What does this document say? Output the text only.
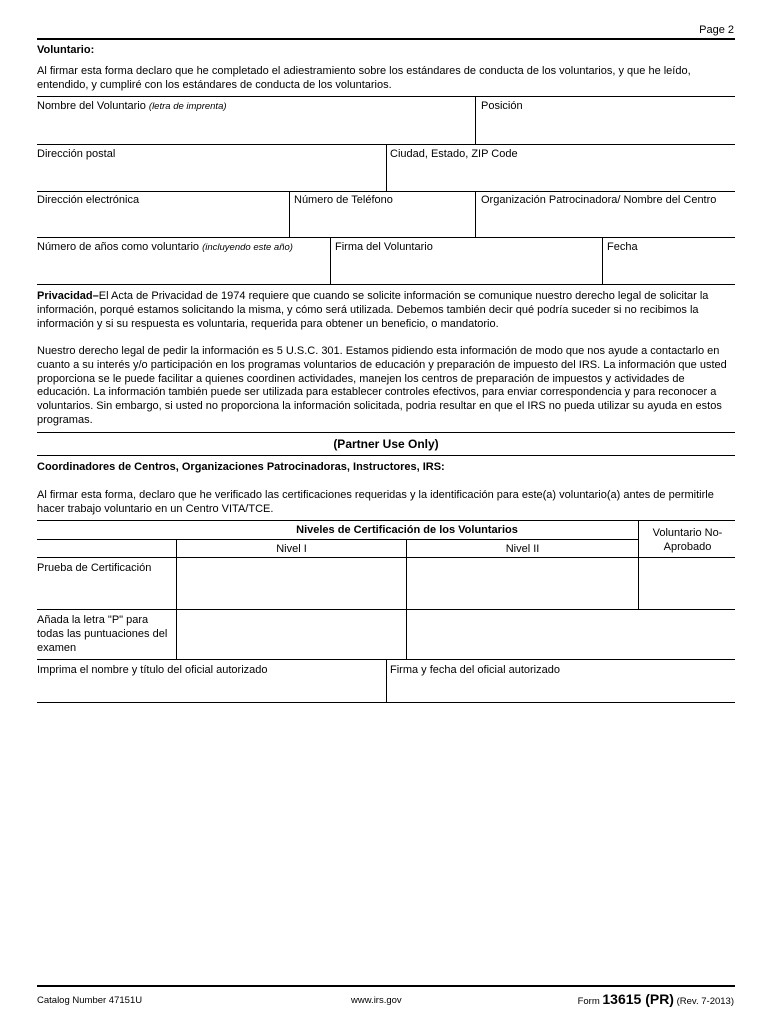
Page 2
Voluntario:
Al firmar esta forma declaro que he completado el adiestramiento sobre los estándares de conducta de los voluntarios, y que he leído, entendido, y cumpliré con los estándares de conducta de los voluntarios.
Nombre del Voluntario (letra de imprenta)	Posición
Dirección postal	Ciudad, Estado, ZIP Code
Dirección electrónica	Número de Teléfono	Organización Patrocinadora/ Nombre del Centro
Número de años como voluntario (incluyendo este año)	Firma del Voluntario	Fecha
Privacidad–El Acta de Privacidad de 1974 requiere que cuando se solicite información se comunique nuestro derecho legal de solicitar la información, porqué estamos solicitando la misma, y cómo será utilizada. Debemos también decir qué podría suceder si no recibimos la información y si su respuesta es voluntaria, requerida para obtener un beneficio, o mandatorio.
Nuestro derecho legal de pedir la información es 5 U.S.C. 301. Estamos pidiendo esta información de modo que nos ayude a contactarlo en cuanto a su interés y/o participación en los programas voluntarios de educación y preparación de impuesto del IRS. La información que usted proporciona se le puede facilitar a quienes coordinen actividades, manejen los centros de preparación de impuestos y actividades de educación. La información también puede ser utilizada para establecer controles efectivos, para enviar correspondencia y para reconocer a voluntarios. Sin embargo, si usted no proporciona la información solicitada, podria resultar en que el IRS no pueda utilizar su ayuda en estos programas.
(Partner Use Only)
Coordinadores de Centros, Organizaciones Patrocinadoras, Instructores, IRS:
Al firmar esta forma, declaro que he verificado las certificaciones requeridas y la identificación para este(a) voluntario(a) antes de permitirle hacer trabajo voluntario en un Centro VITA/TCE.
Niveles de Certificación de los Voluntarios	Voluntario No-Aprobado
Nivel I	Nivel II
Prueba de Certificación
Añada la letra "P" para todas las puntuaciones del examen
Imprima el nombre y título del oficial autorizado	Firma y fecha del oficial autorizado
Catalog Number 47151U	www.irs.gov	Form 13615 (PR) (Rev. 7-2013)
